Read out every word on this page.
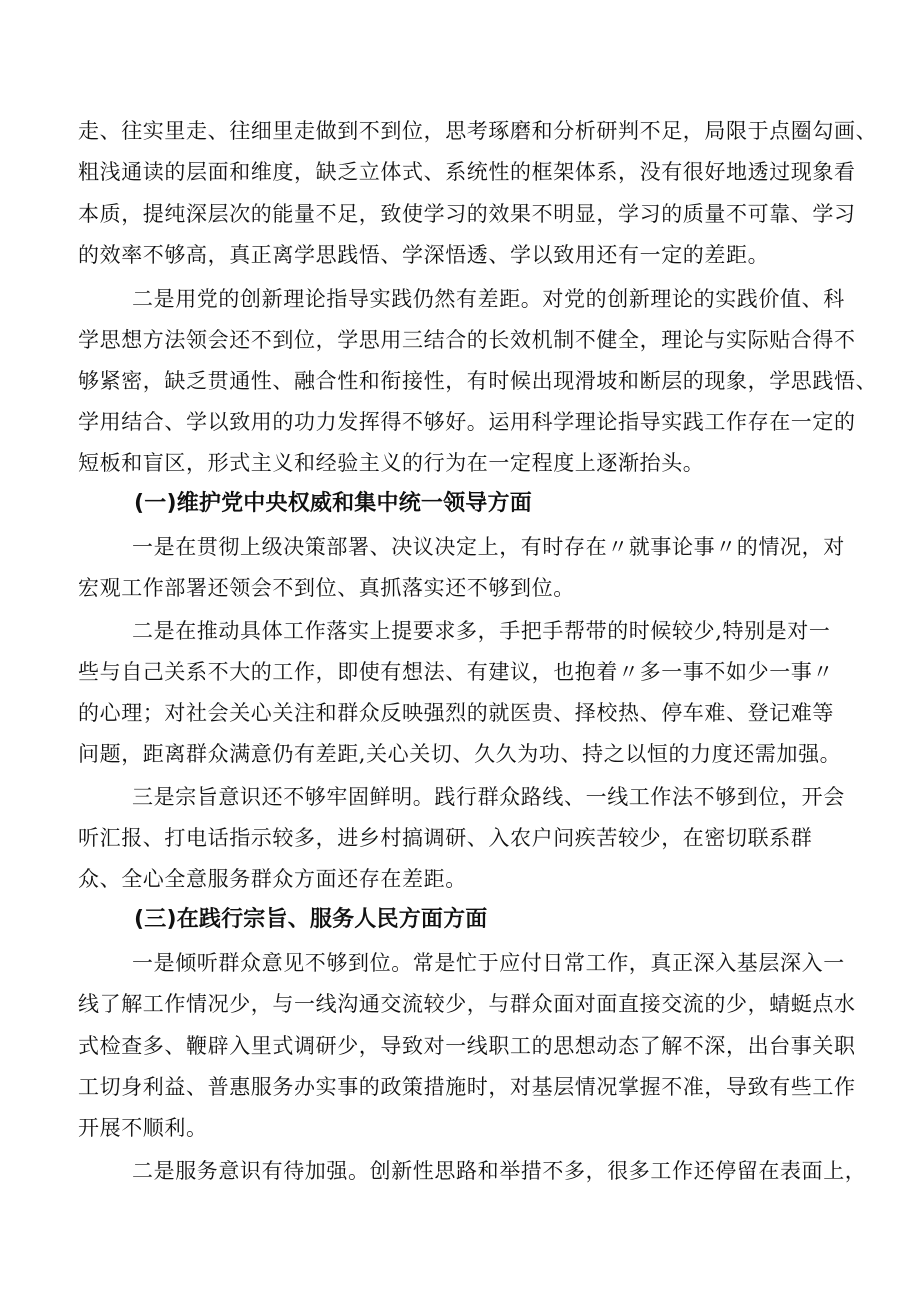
走、往实里走、往细里走做到不到位，思考琢磨和分析研判不足，局限于点圈勾画、
粗浅通读的层面和维度，缺乏立体式、系统性的框架体系，没有很好地透过现象看
本质，提纯深层次的能量不足，致使学习的效果不明显，学习的质量不可靠、学习
的效率不够高，真正离学思践悟、学深悟透、学以致用还有一定的差距。
二是用党的创新理论指导实践仍然有差距。对党的创新理论的实践价值、科
学思想方法领会还不到位，学思用三结合的长效机制不健全，理论与实际贴合得不
够紧密，缺乏贯通性、融合性和衔接性，有时候出现滑坡和断层的现象，学思践悟、
学用结合、学以致用的功力发挥得不够好。运用科学理论指导实践工作存在一定的
短板和盲区，形式主义和经验主义的行为在一定程度上逐渐抬头。
(一)维护党中央权威和集中统一领导方面
一是在贯彻上级决策部署、决议决定上，有时存在〃就事论事〃的情况，对
宏观工作部署还领会不到位、真抓落实还不够到位。
二是在推动具体工作落实上提要求多，手把手帮带的时候较少,特别是对一
些与自己关系不大的工作，即使有想法、有建议，也抱着〃多一事不如少一事〃
的心理；对社会关心关注和群众反映强烈的就医贵、择校热、停车难、登记难等
问题，距离群众满意仍有差距,关心关切、久久为功、持之以恒的力度还需加强。
三是宗旨意识还不够牢固鲜明。践行群众路线、一线工作法不够到位，开会
听汇报、打电话指示较多，进乡村搞调研、入农户问疾苦较少，在密切联系群
众、全心全意服务群众方面还存在差距。
(三)在践行宗旨、服务人民方面方面
一是倾听群众意见不够到位。常是忙于应付日常工作，真正深入基层深入一
线了解工作情况少，与一线沟通交流较少，与群众面对面直接交流的少，蜻蜓点水
式检查多、鞭辟入里式调研少，导致对一线职工的思想动态了解不深，出台事关职
工切身利益、普惠服务办实事的政策措施时，对基层情况掌握不准，导致有些工作
开展不顺利。
二是服务意识有待加强。创新性思路和举措不多，很多工作还停留在表面上，
